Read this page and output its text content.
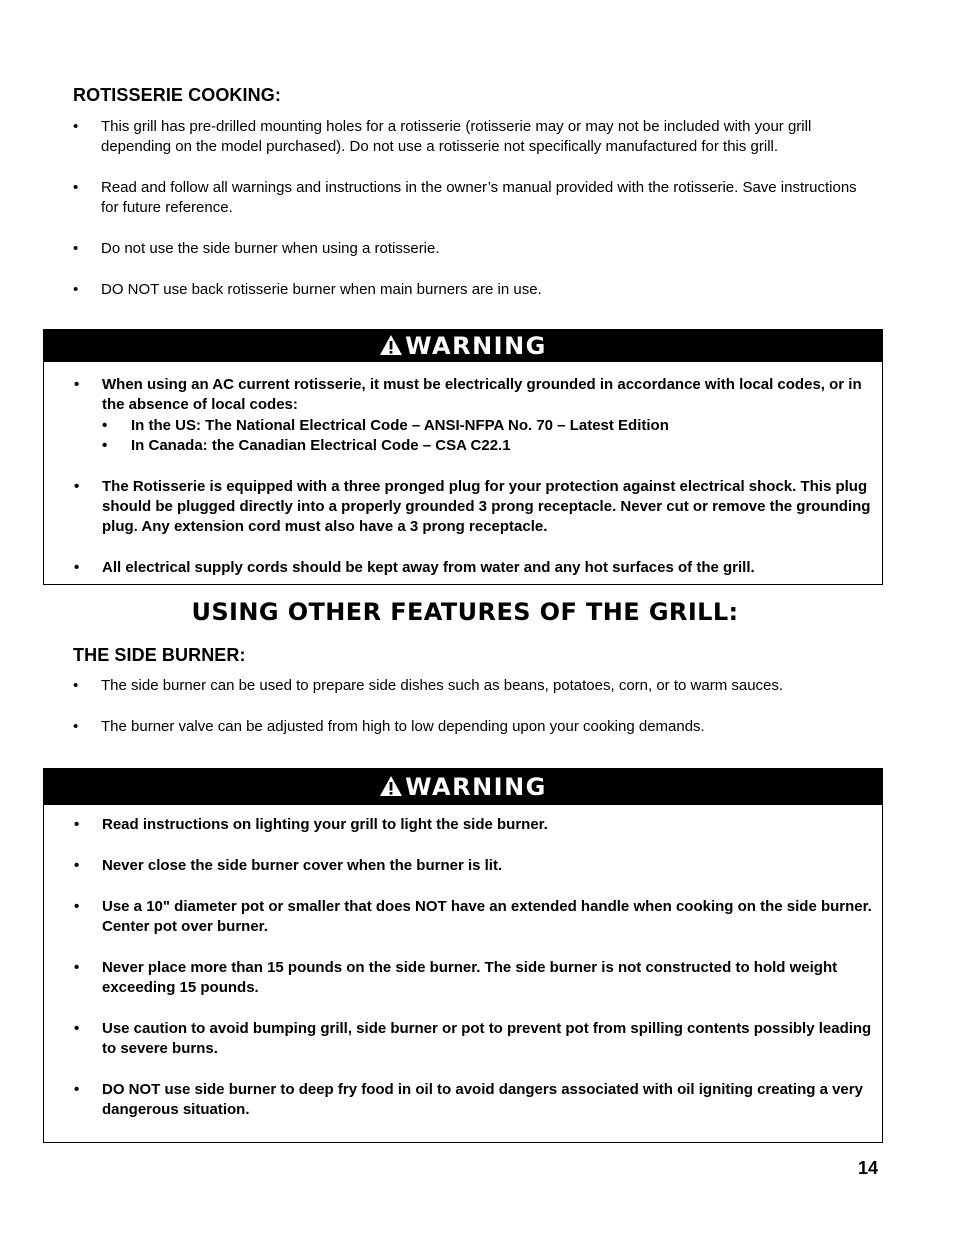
ROTISSERIE COOKING:
• This grill has pre-drilled mounting holes for a rotisserie (rotisserie may or may not be included with your grill depending on the model purchased). Do not use a rotisserie not specifically manufactured for this grill.
• Read and follow all warnings and instructions in the owner’s manual provided with the rotisserie. Save instructions for future reference.
• Do not use the side burner when using a rotisserie.
• DO NOT use back rotisserie burner when main burners are in use.
WARNING
• When using an AC current rotisserie, it must be electrically grounded in accordance with local codes, or in the absence of local codes:
• In the US: The National Electrical Code – ANSI-NFPA No. 70 – Latest Edition
• In Canada: the Canadian Electrical Code – CSA C22.1
• The Rotisserie is equipped with a three pronged plug for your protection against electrical shock. This plug should be plugged directly into a properly grounded 3 prong receptacle. Never cut or remove the grounding plug. Any extension cord must also have a 3 prong receptacle.
• All electrical supply cords should be kept away from water and any hot surfaces of the grill.
USING OTHER FEATURES OF THE GRILL:
THE SIDE BURNER:
• The side burner can be used to prepare side dishes such as beans, potatoes, corn, or to warm sauces.
• The burner valve can be adjusted from high to low depending upon your cooking demands.
WARNING
• Read instructions on lighting your grill to light the side burner.
• Never close the side burner cover when the burner is lit.
• Use a 10" diameter pot or smaller that does NOT have an extended handle when cooking on the side burner. Center pot over burner.
• Never place more than 15 pounds on the side burner. The side burner is not constructed to hold weight exceeding 15 pounds.
• Use caution to avoid bumping grill, side burner or pot to prevent pot from spilling contents possibly leading to severe burns.
• DO NOT use side burner to deep fry food in oil to avoid dangers associated with oil igniting creating a very dangerous situation.
14
